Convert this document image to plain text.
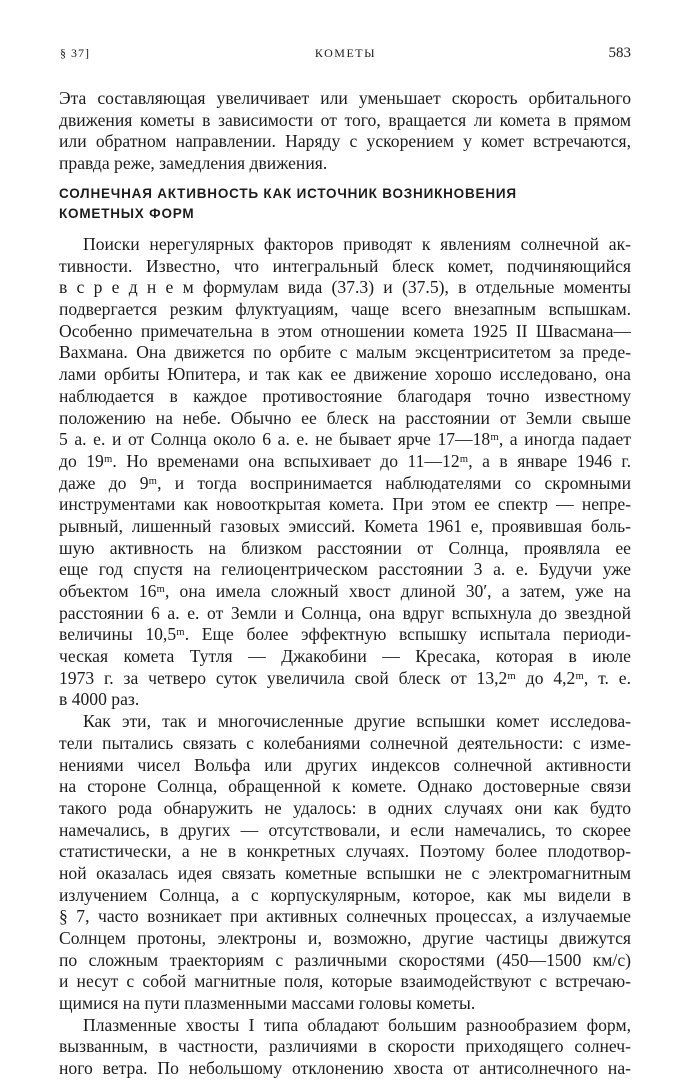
§ 37]	КОМЕТЫ	583
Эта составляющая увеличивает или уменьшает скорость орбитального
движения кометы в зависимости от того, вращается ли комета в прямом
или обратном направлении. Наряду с ускорением у комет встречаются,
правда реже, замедления движения.
СОЛНЕЧНАЯ АКТИВНОСТЬ КАК ИСТОЧНИК ВОЗНИКНОВЕНИЯ
КОМЕТНЫХ ФОРМ
Поиски нерегулярных факторов приводят к явлениям солнечной ак-
тивности. Известно, что интегральный блеск комет, подчиняющийся
в с р е д н е м формулам вида (37.3) и (37.5), в отдельные моменты
подвергается резким флуктуациям, чаще всего внезапным вспышкам.
Особенно примечательна в этом отношении комета 1925 II Швасмана—
Вахмана. Она движется по орбите с малым эксцентриситетом за преде-
лами орбиты Юпитера, и так как ее движение хорошо исследовано, она
наблюдается в каждое противостояние благодаря точно известному
положению на небе. Обычно ее блеск на расстоянии от Земли свыше
5 а. е. и от Солнца около 6 а. е. не бывает ярче 17—18ᵐ, а иногда падает
до 19ᵐ. Но временами она вспыхивает до 11—12ᵐ, а в январе 1946 г.
даже до 9ᵐ, и тогда воспринимается наблюдателями со скромными
инструментами как новооткрытая комета. При этом ее спектр — непре-
рывный, лишенный газовых эмиссий. Комета 1961 е, проявившая боль-
шую активность на близком расстоянии от Солнца, проявляла ее
еще год спустя на гелиоцентрическом расстоянии 3 а. е. Будучи уже
объектом 16ᵐ, она имела сложный хвост длиной 30′, а затем, уже на
расстоянии 6 а. е. от Земли и Солнца, она вдруг вспыхнула до звездной
величины 10,5ᵐ. Еще более эффектную вспышку испытала периоди-
ческая комета Тутля — Джакобини — Кресака, которая в июле
1973 г. за четверо суток увеличила свой блеск от 13,2ᵐ до 4,2ᵐ, т. е.
в 4000 раз.
Как эти, так и многочисленные другие вспышки комет исследова-
тели пытались связать с колебаниями солнечной деятельности: с изме-
нениями чисел Вольфа или других индексов солнечной активности
на стороне Солнца, обращенной к комете. Однако достоверные связи
такого рода обнаружить не удалось: в одних случаях они как будто
намечались, в других — отсутствовали, и если намечались, то скорее
статистически, а не в конкретных случаях. Поэтому более плодотвор-
ной оказалась идея связать кометные вспышки не с электромагнитным
излучением Солнца, а с корпускулярным, которое, как мы видели в
§ 7, часто возникает при активных солнечных процессах, а излучаемые
Солнцем протоны, электроны и, возможно, другие частицы движутся
по сложным траекториям с различными скоростями (450—1500 км/с)
и несут с собой магнитные поля, которые взаимодействуют с встречаю-
щимися на пути плазменными массами головы кометы.
Плазменные хвосты I типа обладают большим разнообразием форм,
вызванным, в частности, различиями в скорости приходящего солнеч-
ного ветра. По небольшому отклонению хвоста от антисолнечного на-
